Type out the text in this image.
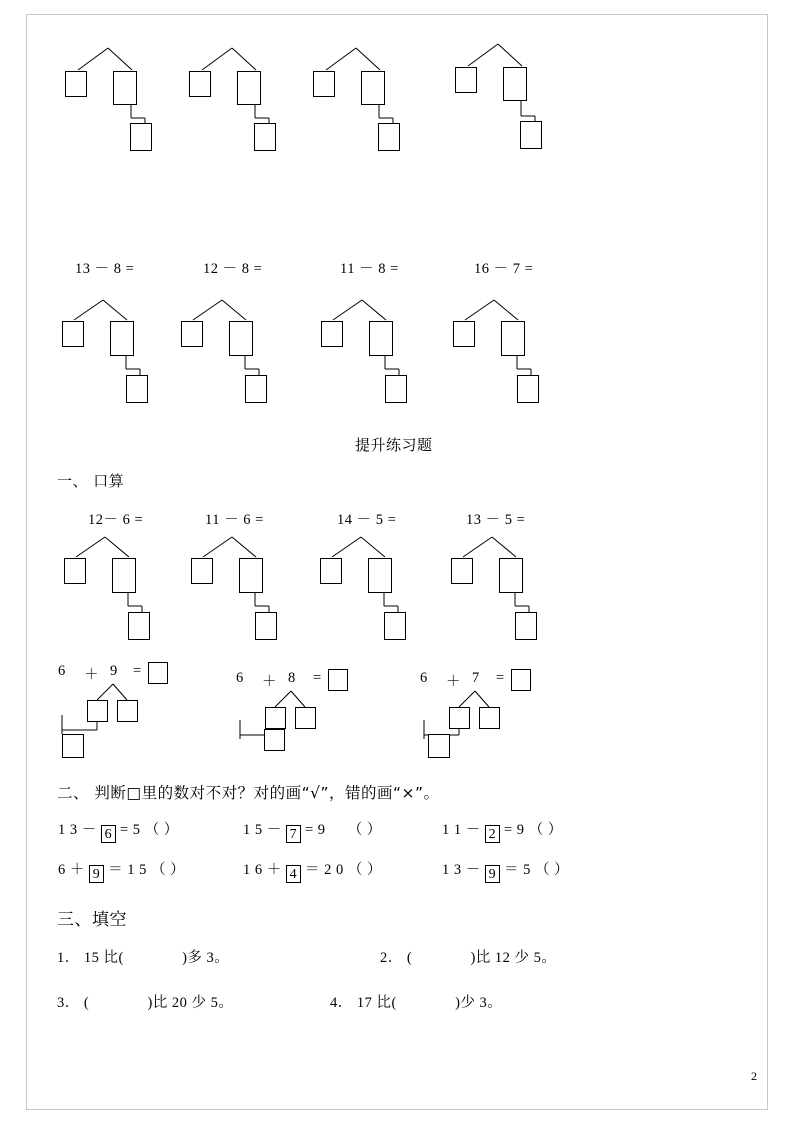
13 － 8 =	12 － 8 =	11 － 8 =	16 － 7 =
提升练习题
一、 口算
12－ 6 =	11 － 6 =	14 － 5 =	13 － 5 =
6 ＋ 9 =	6 ＋ 8 =	6 ＋ 7 =
二、 判断□里的数对不对？对的画“√”，错的画“×”。
1 3 － 6 = 5 （ ）	1 5 － 7 = 9 （ ）	1 1 － 2 = 9 （ ）
6 ＋ 9 ＝ 1 5 （ ）	1 6 ＋ 4 ＝ 2 0 （ ）	1 3 － 9 ＝ 5 （ ）
三、填空
1． 15 比(	)多 3。	2． (	)比 12 少 5。
3． (	)比 20 少 5。	4． 17 比(	)少 3。
2
